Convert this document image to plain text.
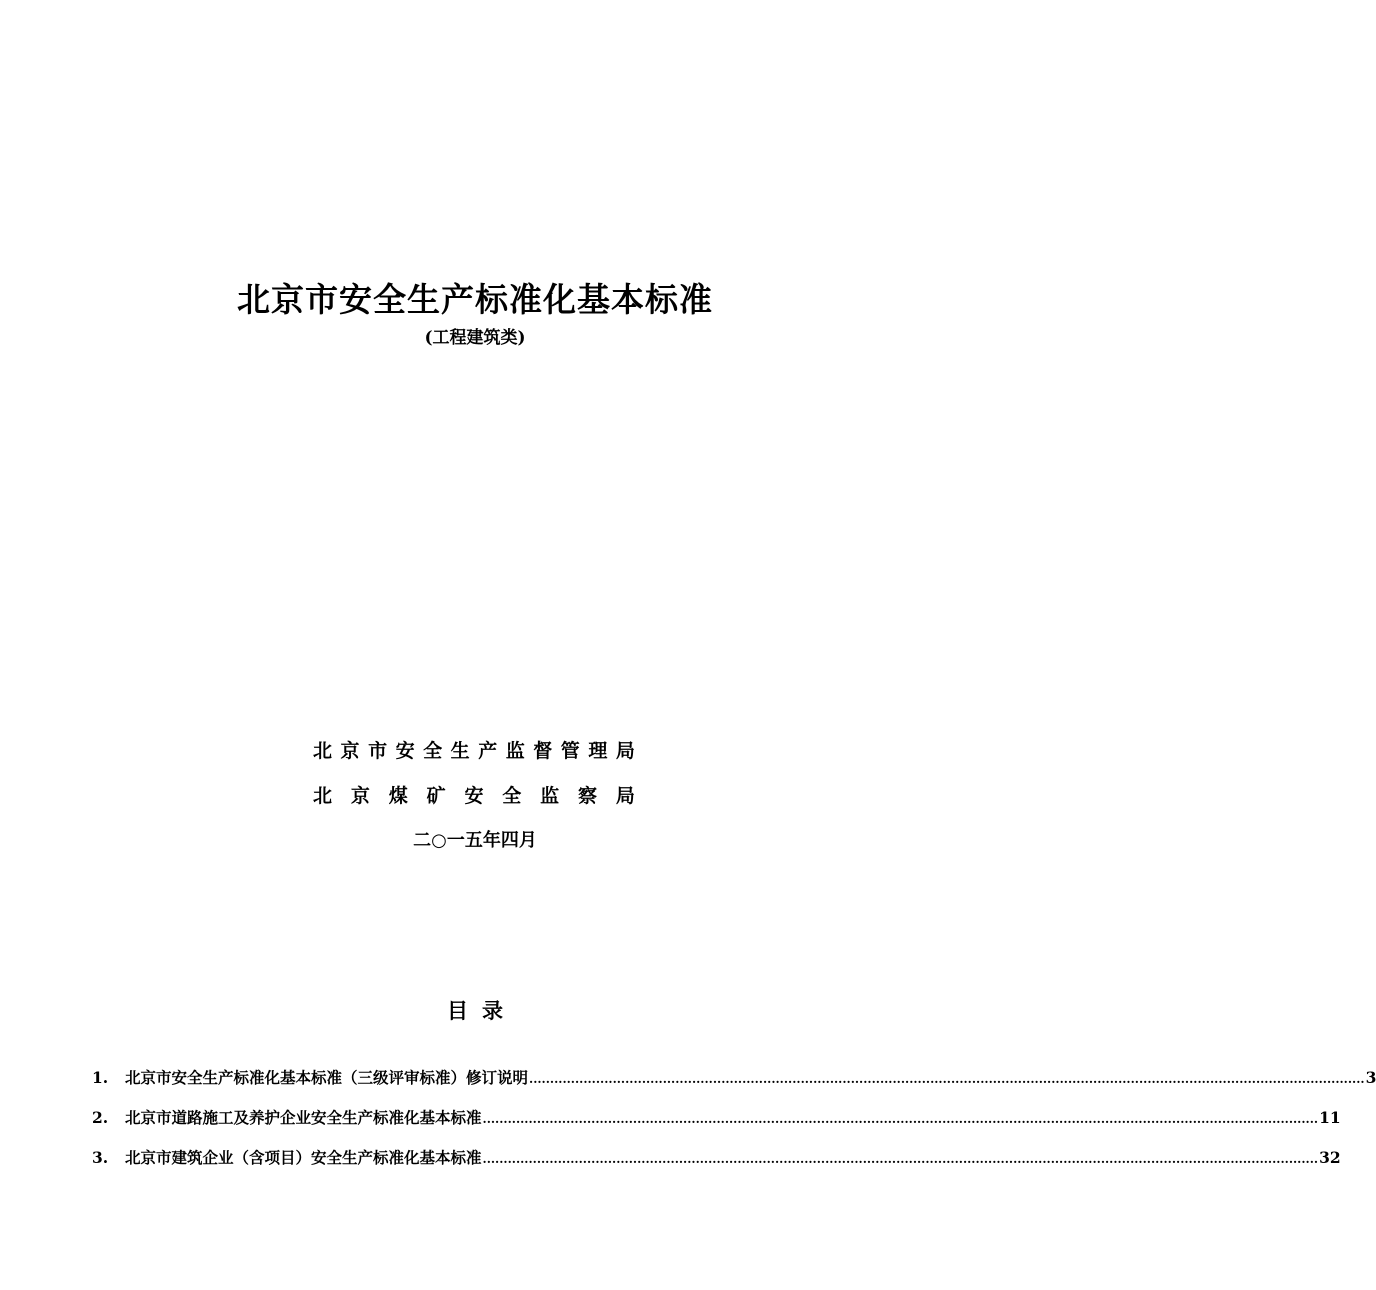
北京市安全生产标准化基本标准
(工程建筑类)
北 京 市 安 全 生 产 监 督 管 理 局
北 京 煤 矿 安 全 监 察 局
二○一五年四月
目录
1.	北京市安全生产标准化基本标准（三级评审标准）修订说明 .....	3
2.	北京市道路施工及养护企业安全生产标准化基本标准 .....	11
3.	北京市建筑企业（含项目）安全生产标准化基本标准 .....	32
